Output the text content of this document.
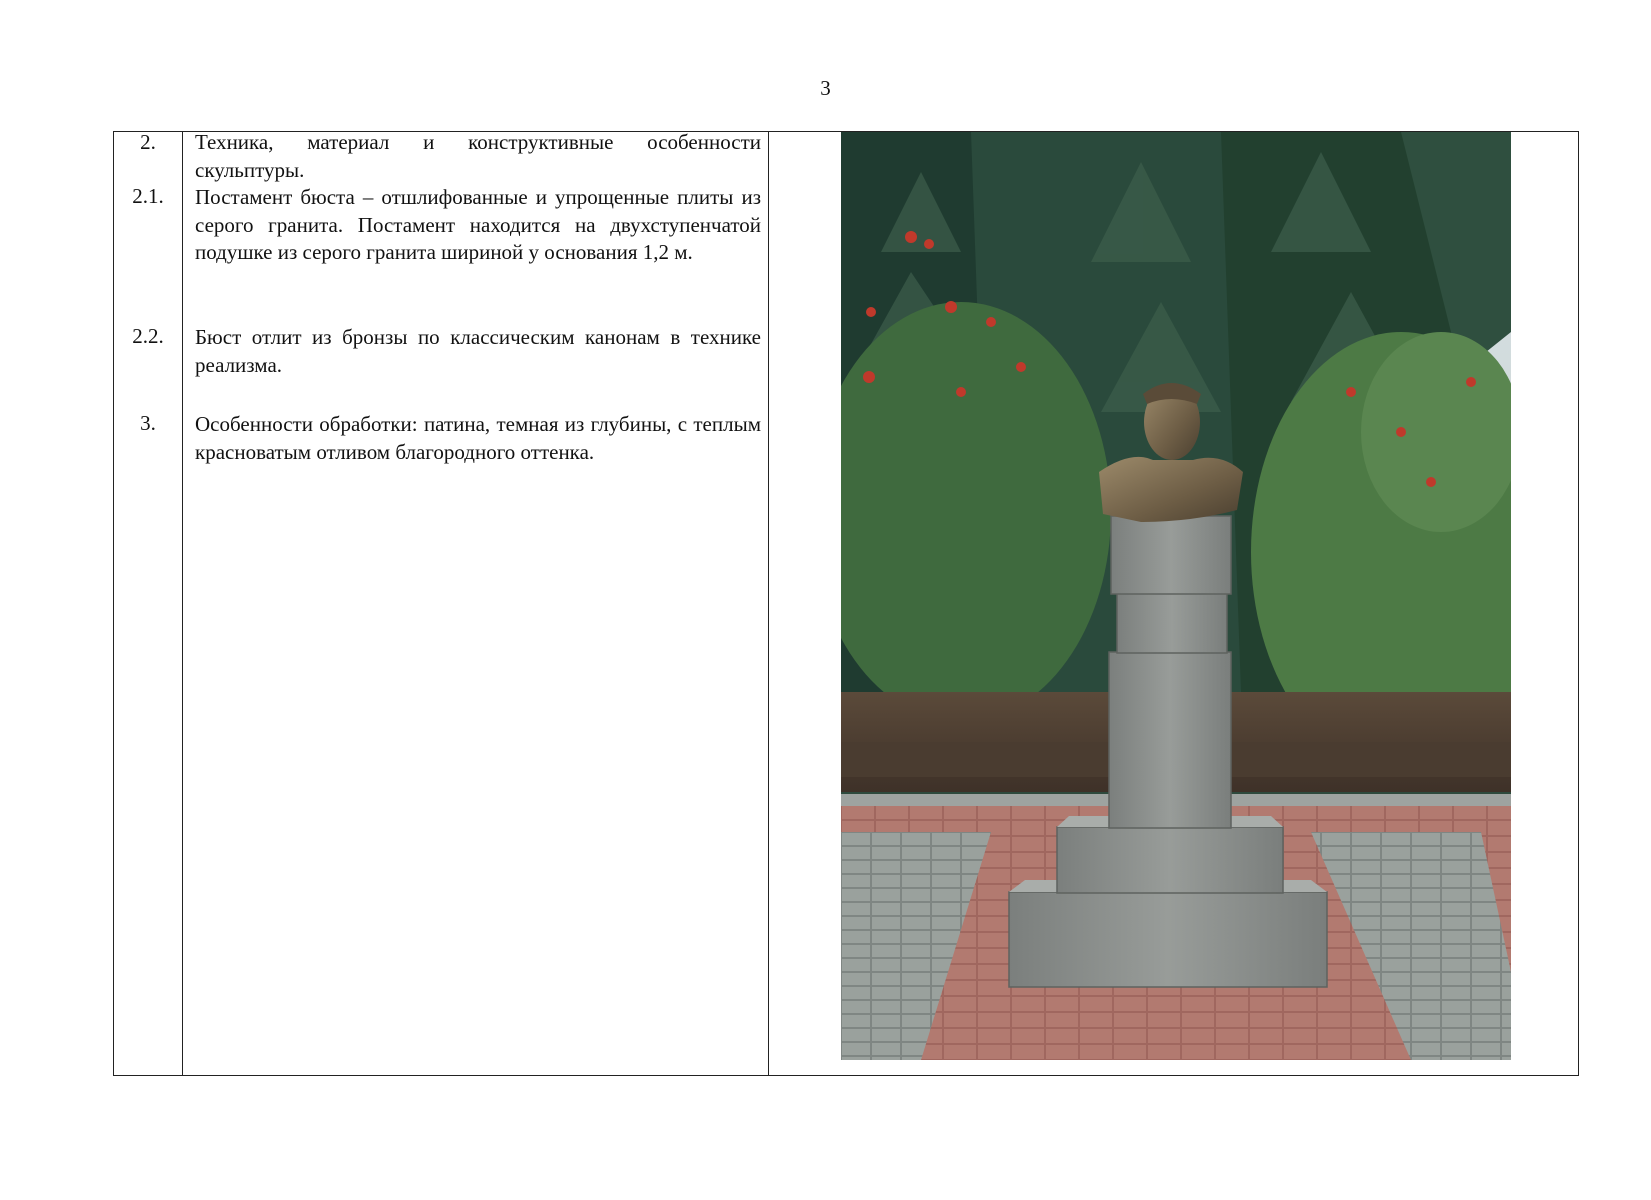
3
2.	Техника, материал и конструктивные особенности скульптуры.
2.1.	Постамент бюста – отшлифованные и упрощенные плиты из серого гранита. Постамент находится на двухступенчатой подушке из серого гранита шириной у основания 1,2 м.
2.2.	Бюст отлит из бронзы по классическим канонам в технике реализма.
3.	Особенности обработки: патина, темная из глубины, с теплым красноватым отливом благородного оттенка.
